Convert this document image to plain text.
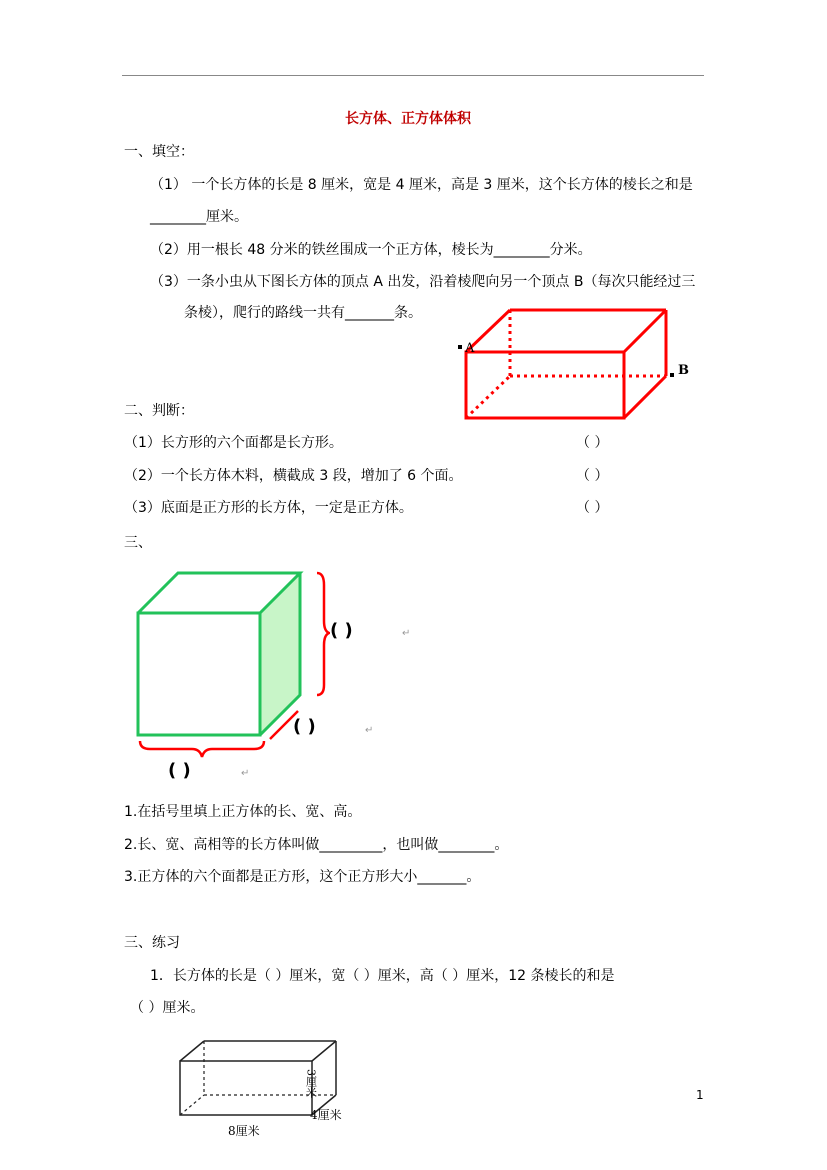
长方体、正方体体积
一、填空：
（1） 一个长方体的长是 8 厘米，宽是 4 厘米，高是 3 厘米，这个长方体的棱长之和是
________厘米。
（2）用一根长 48 分米的铁丝围成一个正方体，棱长为________分米。
（3）一条小虫从下图长方体的顶点 A 出发，沿着棱爬向另一个顶点 B（每次只能经过三
条棱），爬行的路线一共有_______条。
A
B
二、判断：
（1）长方形的六个面都是长方形。	（ ）
（2）一个长方体木料，横截成 3 段，增加了 6 个面。	（ ）
（3）底面是正方形的长方体，一定是正方体。	（ ）
三、
( )	↵
( )	↵
( )	↵
1.在括号里填上正方体的长、宽、高。
2.长、宽、高相等的长方体叫做_________，也叫做________。
3.正方体的六个面都是正方形，这个正方形大小_______。
三、练习
1．长方体的长是（ ）厘米，宽（ ）厘米，高（ ）厘米，12 条棱长的和是
（ ）厘米。
3厘米
4厘米
8厘米
1
